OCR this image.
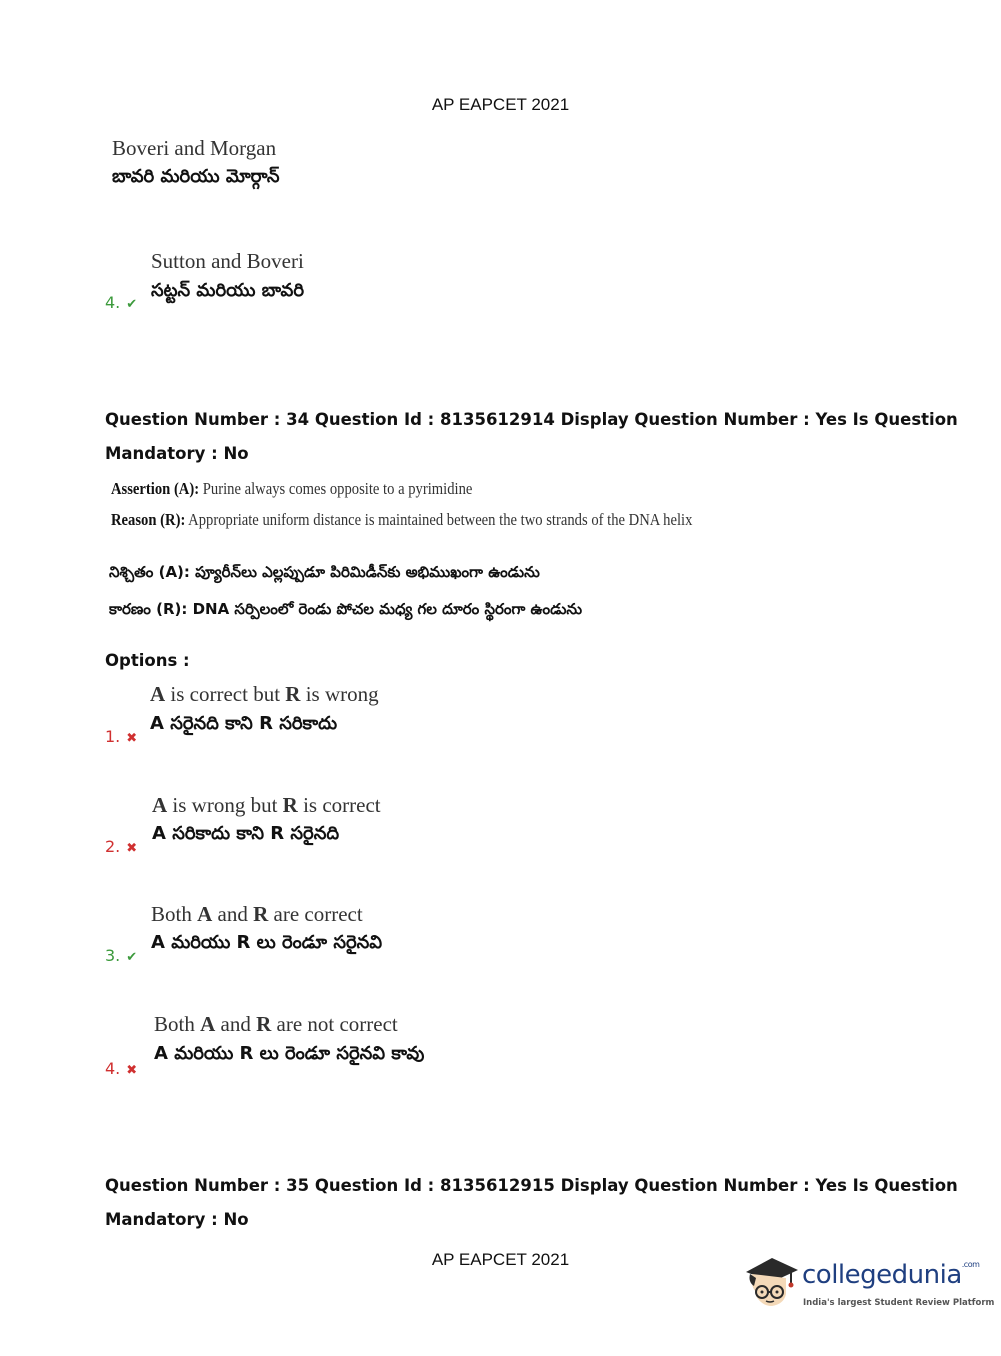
AP EAPCET 2021
Boveri and Morgan
బావరి మరియు మోర్గాన్
Sutton and Boveri
సట్టన్ మరియు బావరి
4. ✔
Question Number : 34 Question Id : 8135612914 Display Question Number : Yes Is Question
Mandatory : No
Assertion (A): Purine always comes opposite to a pyrimidine
Reason (R): Appropriate uniform distance is maintained between the two strands of the DNA helix
నిశ్చితం (A): ప్యూరీన్‌లు ఎల్లప్పుడూ పిరిమిడీన్‌కు అభిముఖంగా ఉండును
కారణం (R): DNA సర్పిలంలో రెండు పోచల మధ్య గల దూరం స్థిరంగా ఉండును
Options :
A is correct but R is wrong
A సరైనది కాని R సరికాదు
1. ✖
A is wrong but R is correct
A సరికాదు కాని R సరైనది
2. ✖
Both A and R are correct
A మరియు R లు రెండూ సరైనవి
3. ✔
Both A and R are not correct
A మరియు R లు రెండూ సరైనవి కావు
4. ✖
Question Number : 35 Question Id : 8135612915 Display Question Number : Yes Is Question
Mandatory : No
AP EAPCET 2021
collegedunia$^{.com}$
India's largest Student Review Platform
